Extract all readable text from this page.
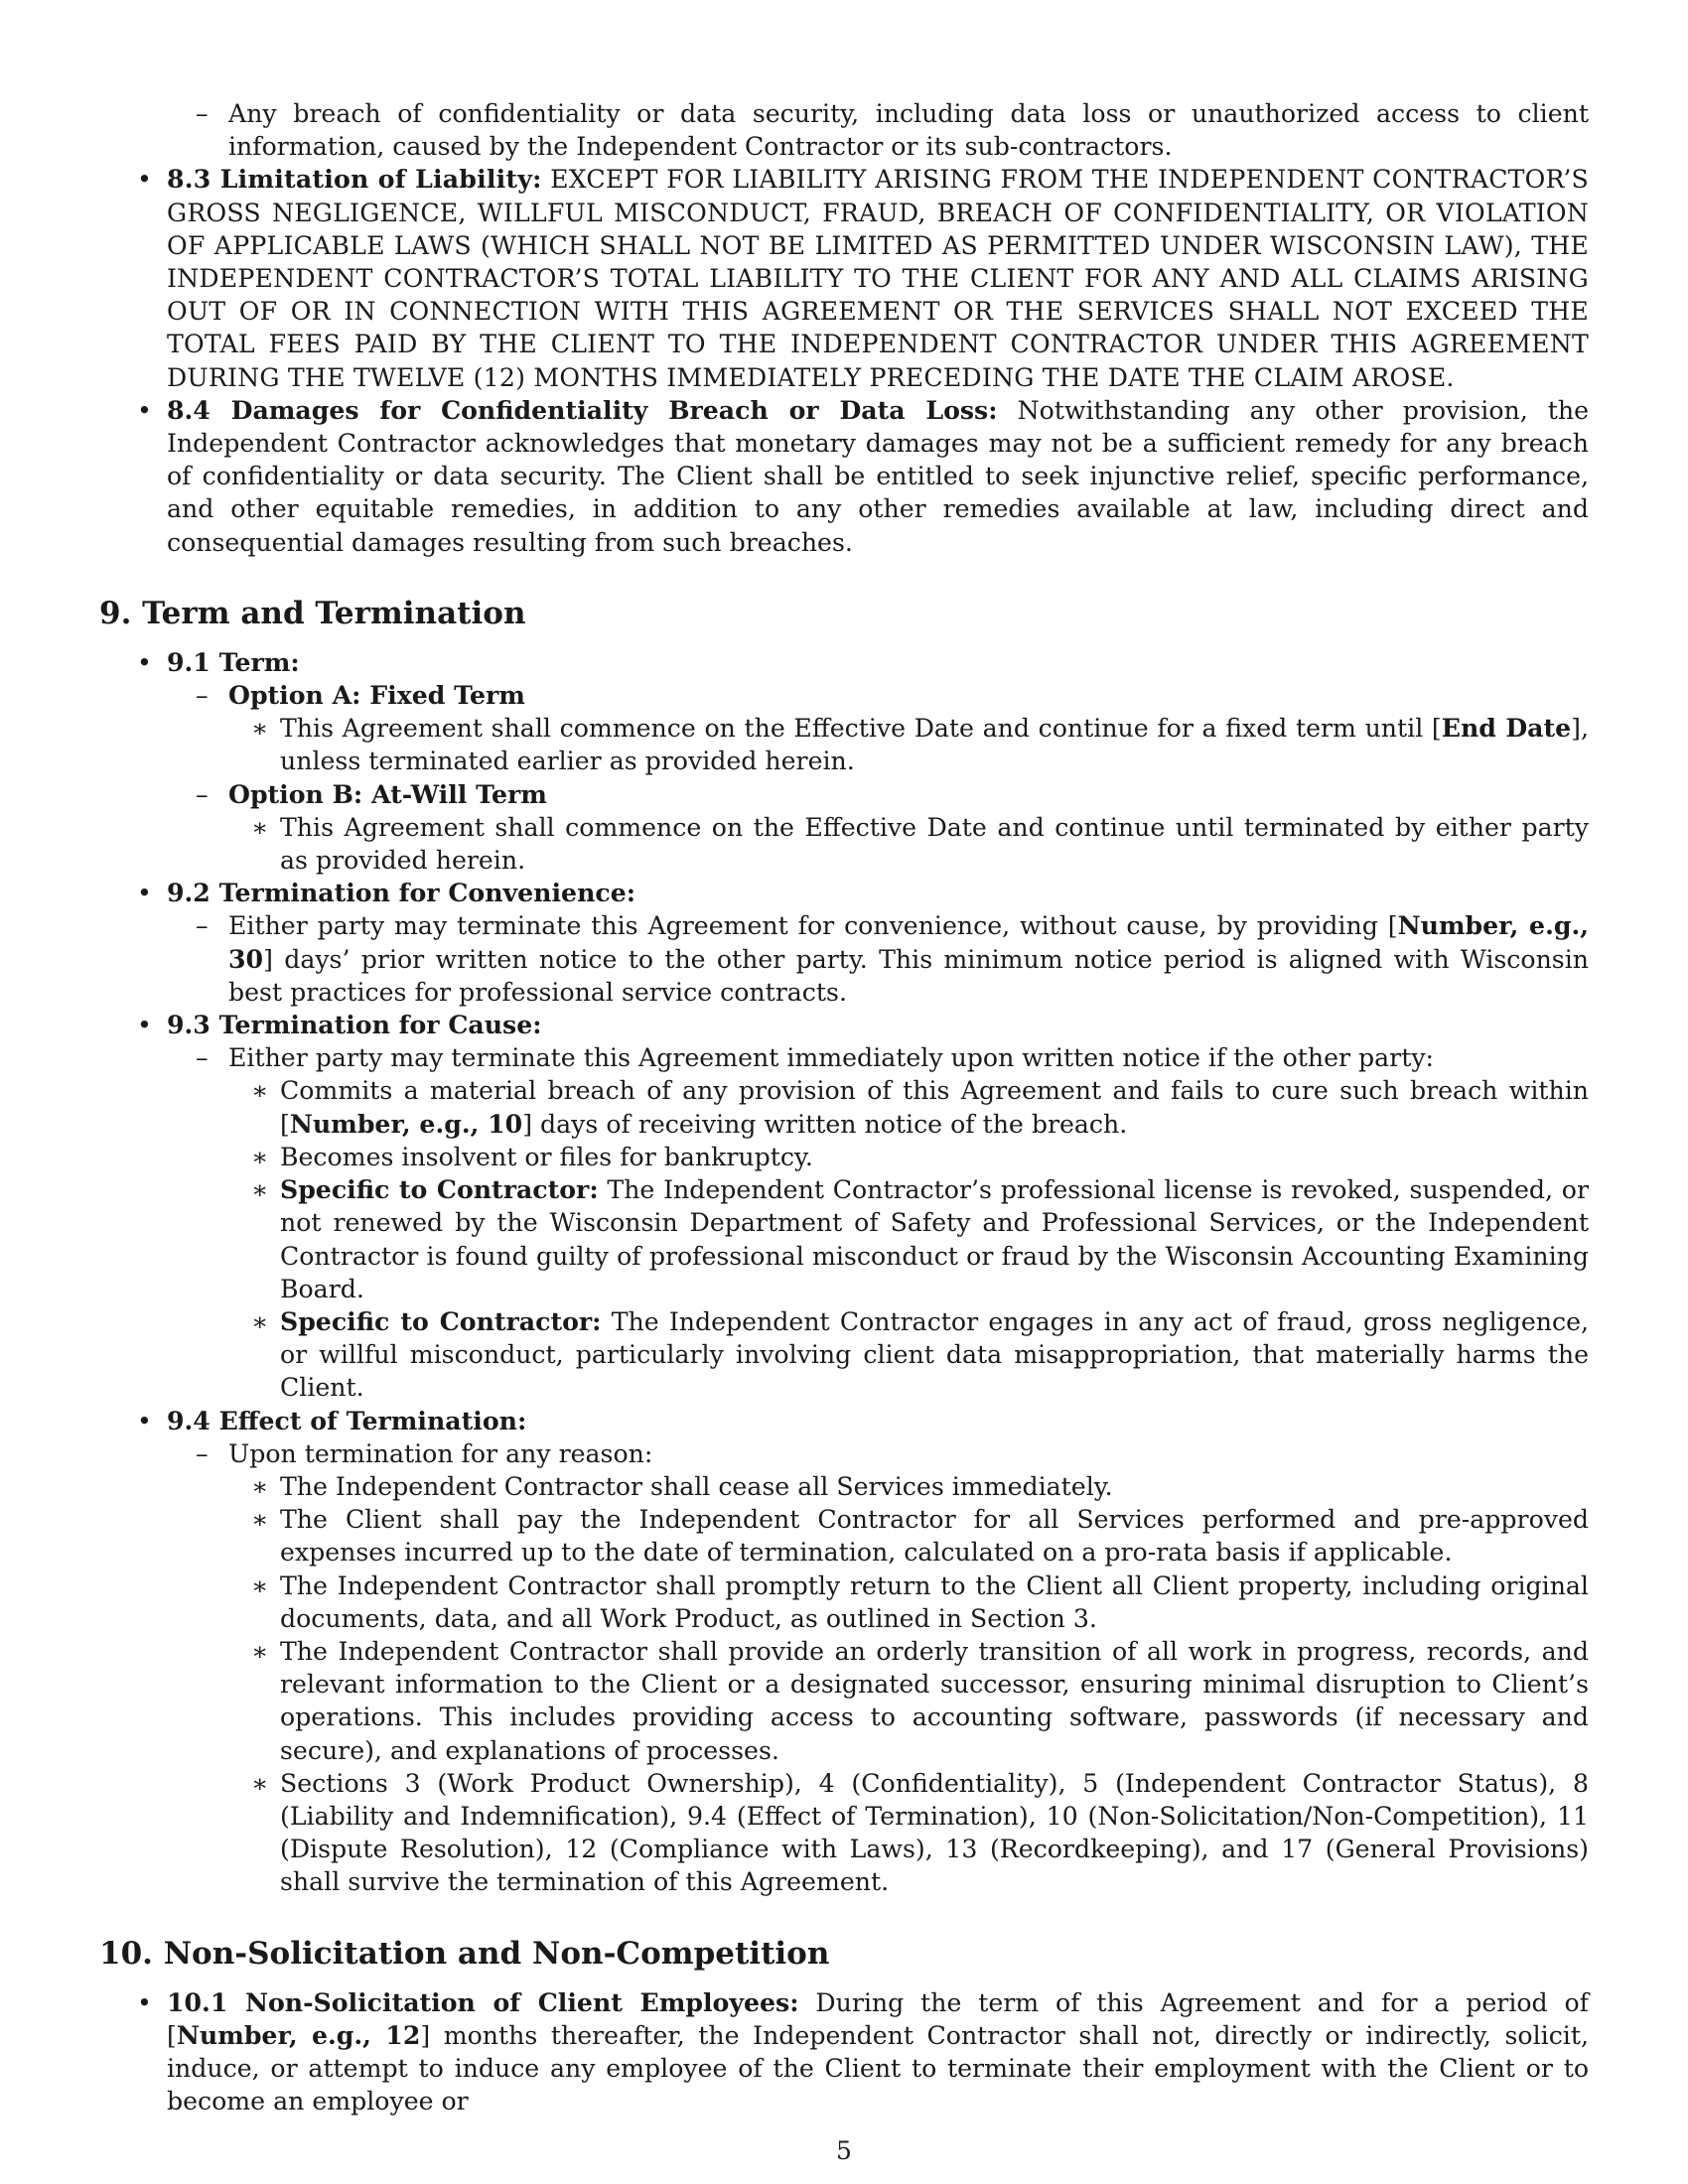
– Any breach of confidentiality or data security, including data loss or unauthorized access to client information, caused by the Independent Contractor or its sub-contractors.
• 8.3 Limitation of Liability: EXCEPT FOR LIABILITY ARISING FROM THE INDEPENDENT CONTRACTOR’S GROSS NEGLIGENCE, WILLFUL MISCONDUCT, FRAUD, BREACH OF CONFIDENTIALITY, OR VIOLATION OF APPLICABLE LAWS (WHICH SHALL NOT BE LIMITED AS PERMITTED UNDER WISCONSIN LAW), THE INDEPENDENT CONTRACTOR’S TOTAL LIABILITY TO THE CLIENT FOR ANY AND ALL CLAIMS ARISING OUT OF OR IN CONNECTION WITH THIS AGREEMENT OR THE SERVICES SHALL NOT EXCEED THE TOTAL FEES PAID BY THE CLIENT TO THE INDEPENDENT CONTRACTOR UNDER THIS AGREEMENT DURING THE TWELVE (12) MONTHS IMMEDIATELY PRECEDING THE DATE THE CLAIM AROSE.
• 8.4 Damages for Confidentiality Breach or Data Loss: Notwithstanding any other provision, the Independent Contractor acknowledges that monetary damages may not be a sufficient remedy for any breach of confidentiality or data security. The Client shall be entitled to seek injunctive relief, specific performance, and other equitable remedies, in addition to any other remedies available at law, including direct and consequential damages resulting from such breaches.
9. Term and Termination
• 9.1 Term:
– Option A: Fixed Term
∗ This Agreement shall commence on the Effective Date and continue for a fixed term until [End Date], unless terminated earlier as provided herein.
– Option B: At-Will Term
∗ This Agreement shall commence on the Effective Date and continue until terminated by either party as provided herein.
• 9.2 Termination for Convenience:
– Either party may terminate this Agreement for convenience, without cause, by providing [Number, e.g., 30] days’ prior written notice to the other party. This minimum notice period is aligned with Wisconsin best practices for professional service contracts.
• 9.3 Termination for Cause:
– Either party may terminate this Agreement immediately upon written notice if the other party:
∗ Commits a material breach of any provision of this Agreement and fails to cure such breach within [Number, e.g., 10] days of receiving written notice of the breach.
∗ Becomes insolvent or files for bankruptcy.
∗ Specific to Contractor: The Independent Contractor’s professional license is revoked, suspended, or not renewed by the Wisconsin Department of Safety and Professional Services, or the Independent Contractor is found guilty of professional misconduct or fraud by the Wisconsin Accounting Examining Board.
∗ Specific to Contractor: The Independent Contractor engages in any act of fraud, gross negligence, or willful misconduct, particularly involving client data misappropriation, that materially harms the Client.
• 9.4 Effect of Termination:
– Upon termination for any reason:
∗ The Independent Contractor shall cease all Services immediately.
∗ The Client shall pay the Independent Contractor for all Services performed and pre-approved expenses incurred up to the date of termination, calculated on a pro-rata basis if applicable.
∗ The Independent Contractor shall promptly return to the Client all Client property, including original documents, data, and all Work Product, as outlined in Section 3.
∗ The Independent Contractor shall provide an orderly transition of all work in progress, records, and relevant information to the Client or a designated successor, ensuring minimal disruption to Client’s operations. This includes providing access to accounting software, passwords (if necessary and secure), and explanations of processes.
∗ Sections 3 (Work Product Ownership), 4 (Confidentiality), 5 (Independent Contractor Status), 8 (Liability and Indemnification), 9.4 (Effect of Termination), 10 (Non-Solicitation/Non-Competition), 11 (Dispute Resolution), 12 (Compliance with Laws), 13 (Recordkeeping), and 17 (General Provisions) shall survive the termination of this Agreement.
10. Non-Solicitation and Non-Competition
• 10.1 Non-Solicitation of Client Employees: During the term of this Agreement and for a period of [Number, e.g., 12] months thereafter, the Independent Contractor shall not, directly or indirectly, solicit, induce, or attempt to induce any employee of the Client to terminate their employment with the Client or to become an employee or
5
